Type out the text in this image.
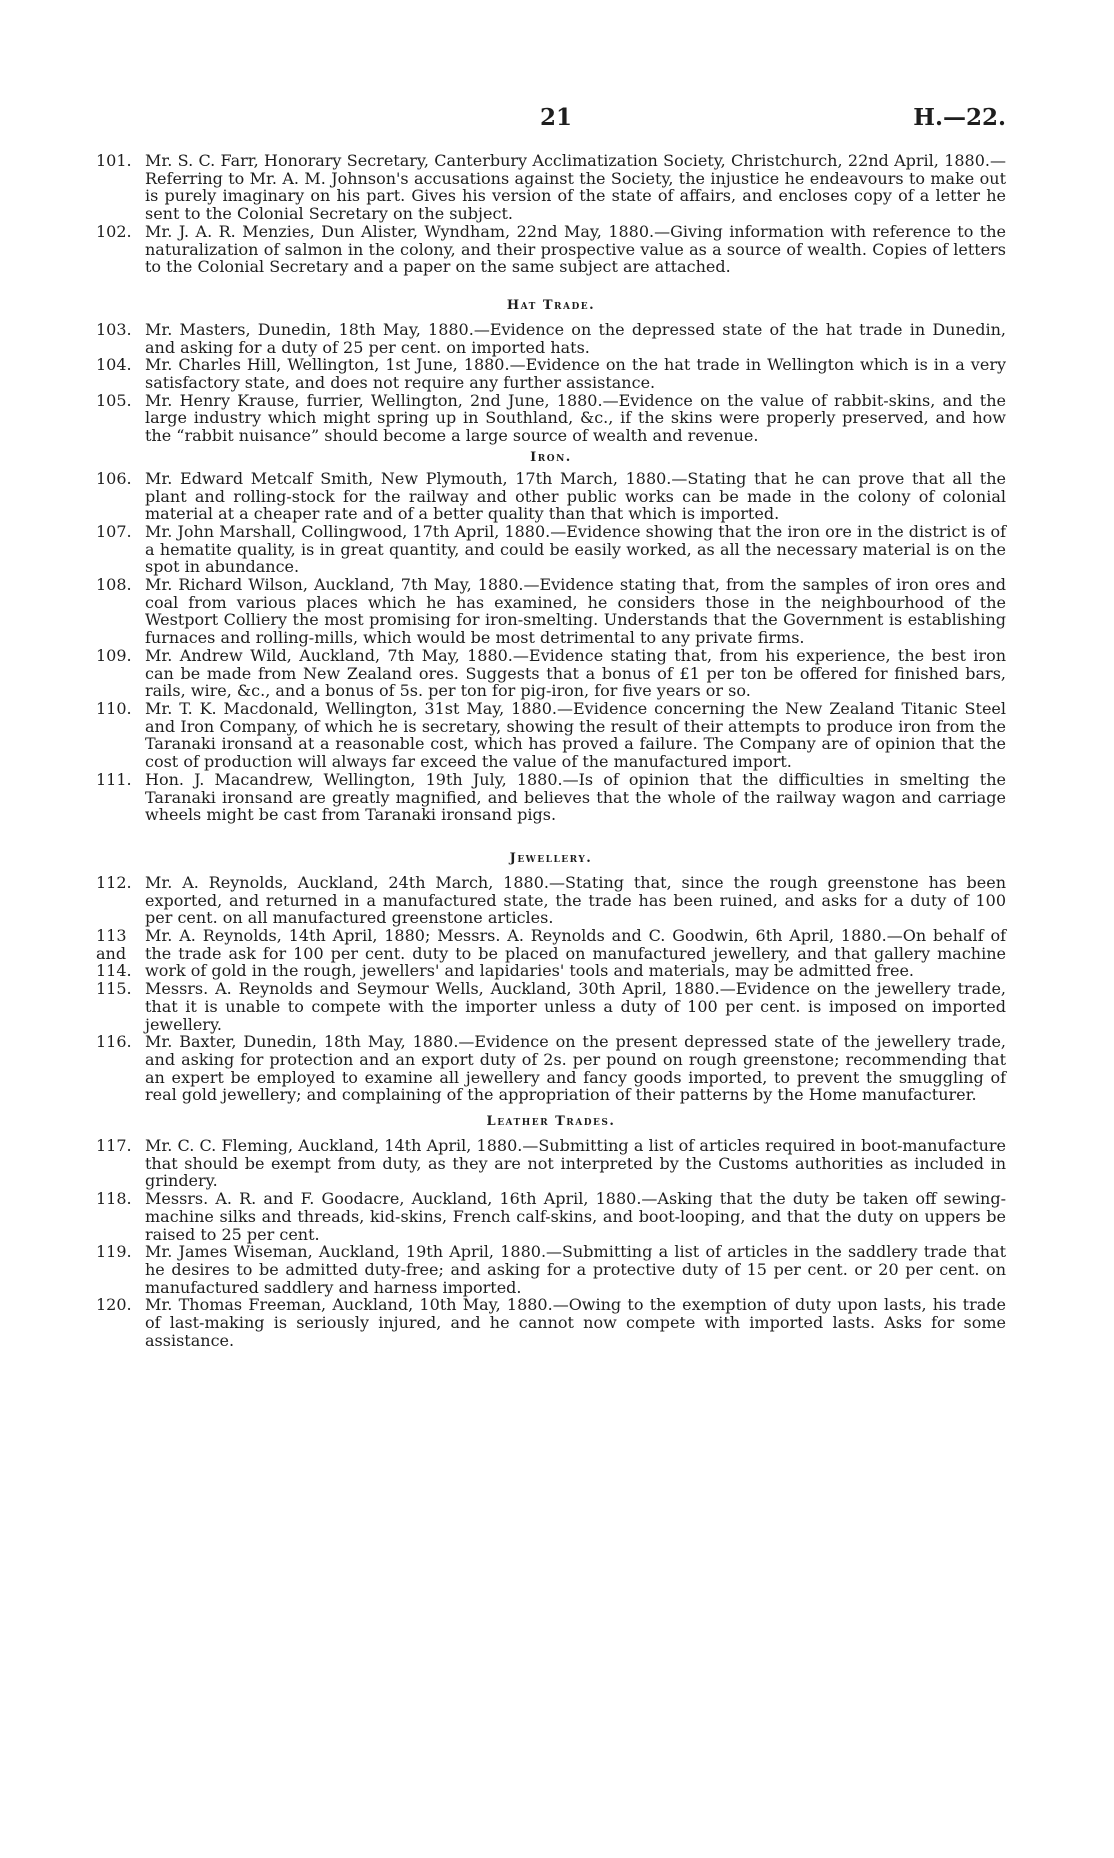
21	H.—22.

101. Mr. S. C. Farr, Honorary Secretary, Canterbury Acclimatization Society, Christchurch, 22nd April, 1880.—Referring to Mr. A. M. Johnson's accusations against the Society, the injustice he endeavours to make out is purely imaginary on his part. Gives his version of the state of affairs, and encloses copy of a letter he sent to the Colonial Secretary on the subject.

102. Mr. J. A. R. Menzies, Dun Alister, Wyndham, 22nd May, 1880.—Giving information with reference to the naturalization of salmon in the colony, and their prospective value as a source of wealth. Copies of letters to the Colonial Secretary and a paper on the same subject are attached.

Hat Trade.

103. Mr. Masters, Dunedin, 18th May, 1880.—Evidence on the depressed state of the hat trade in Dunedin, and asking for a duty of 25 per cent. on imported hats.

104. Mr. Charles Hill, Wellington, 1st June, 1880.—Evidence on the hat trade in Wellington which is in a very satisfactory state, and does not require any further assistance.

105. Mr. Henry Krause, furrier, Wellington, 2nd June, 1880.—Evidence on the value of rabbit-skins, and the large industry which might spring up in Southland, &c., if the skins were properly preserved, and how the “rabbit nuisance” should become a large source of wealth and revenue.

Iron.

106. Mr. Edward Metcalf Smith, New Plymouth, 17th March, 1880.—Stating that he can prove that all the plant and rolling-stock for the railway and other public works can be made in the colony of colonial material at a cheaper rate and of a better quality than that which is imported.

107. Mr. John Marshall, Collingwood, 17th April, 1880.—Evidence showing that the iron ore in the district is of a hematite quality, is in great quantity, and could be easily worked, as all the necessary material is on the spot in abundance.

108. Mr. Richard Wilson, Auckland, 7th May, 1880.—Evidence stating that, from the samples of iron ores and coal from various places which he has examined, he considers those in the neighbourhood of the Westport Colliery the most promising for iron-smelting. Understands that the Government is establishing furnaces and rolling-mills, which would be most detrimental to any private firms.

109. Mr. Andrew Wild, Auckland, 7th May, 1880.—Evidence stating that, from his experience, the best iron can be made from New Zealand ores. Suggests that a bonus of £1 per ton be offered for finished bars, rails, wire, &c., and a bonus of 5s. per ton for pig-iron, for five years or so.

110. Mr. T. K. Macdonald, Wellington, 31st May, 1880.—Evidence concerning the New Zealand Titanic Steel and Iron Company, of which he is secretary, showing the result of their attempts to produce iron from the Taranaki ironsand at a reasonable cost, which has proved a failure. The Company are of opinion that the cost of production will always far exceed the value of the manufactured import.

111. Hon. J. Macandrew, Wellington, 19th July, 1880.—Is of opinion that the difficulties in smelting the Taranaki ironsand are greatly magnified, and believes that the whole of the railway wagon and carriage wheels might be cast from Taranaki ironsand pigs.

Jewellery.

112. Mr. A. Reynolds, Auckland, 24th March, 1880.—Stating that, since the rough greenstone has been exported, and returned in a manufactured state, the trade has been ruined, and asks for a duty of 100 per cent. on all manufactured greenstone articles.

113 and 114.
Mr. A. Reynolds, 14th April, 1880; Messrs. A. Reynolds and C. Goodwin, 6th April, 1880.—On behalf of the trade ask for 100 per cent. duty to be placed on manufactured jewellery, and that gallery machine work of gold in the rough, jewellers' and lapidaries' tools and materials, may be admitted free.

115. Messrs. A. Reynolds and Seymour Wells, Auckland, 30th April, 1880.—Evidence on the jewellery trade, that it is unable to compete with the importer unless a duty of 100 per cent. is imposed on imported jewellery.

116. Mr. Baxter, Dunedin, 18th May, 1880.—Evidence on the present depressed state of the jewellery trade, and asking for protection and an export duty of 2s. per pound on rough greenstone; recommending that an expert be employed to examine all jewellery and fancy goods imported, to prevent the smuggling of real gold jewellery; and complaining of the appropriation of their patterns by the Home manufacturer.

Leather Trades.

117. Mr. C. C. Fleming, Auckland, 14th April, 1880.—Submitting a list of articles required in boot-manufacture that should be exempt from duty, as they are not interpreted by the Customs authorities as included in grindery.

118. Messrs. A. R. and F. Goodacre, Auckland, 16th April, 1880.—Asking that the duty be taken off sewing-machine silks and threads, kid-skins, French calf-skins, and boot-looping, and that the duty on uppers be raised to 25 per cent.

119. Mr. James Wiseman, Auckland, 19th April, 1880.—Submitting a list of articles in the saddlery trade that he desires to be admitted duty-free; and asking for a protective duty of 15 per cent. or 20 per cent. on manufactured saddlery and harness imported.

120. Mr. Thomas Freeman, Auckland, 10th May, 1880.—Owing to the exemption of duty upon lasts, his trade of last-making is seriously injured, and he cannot now compete with imported lasts. Asks for some assistance.
